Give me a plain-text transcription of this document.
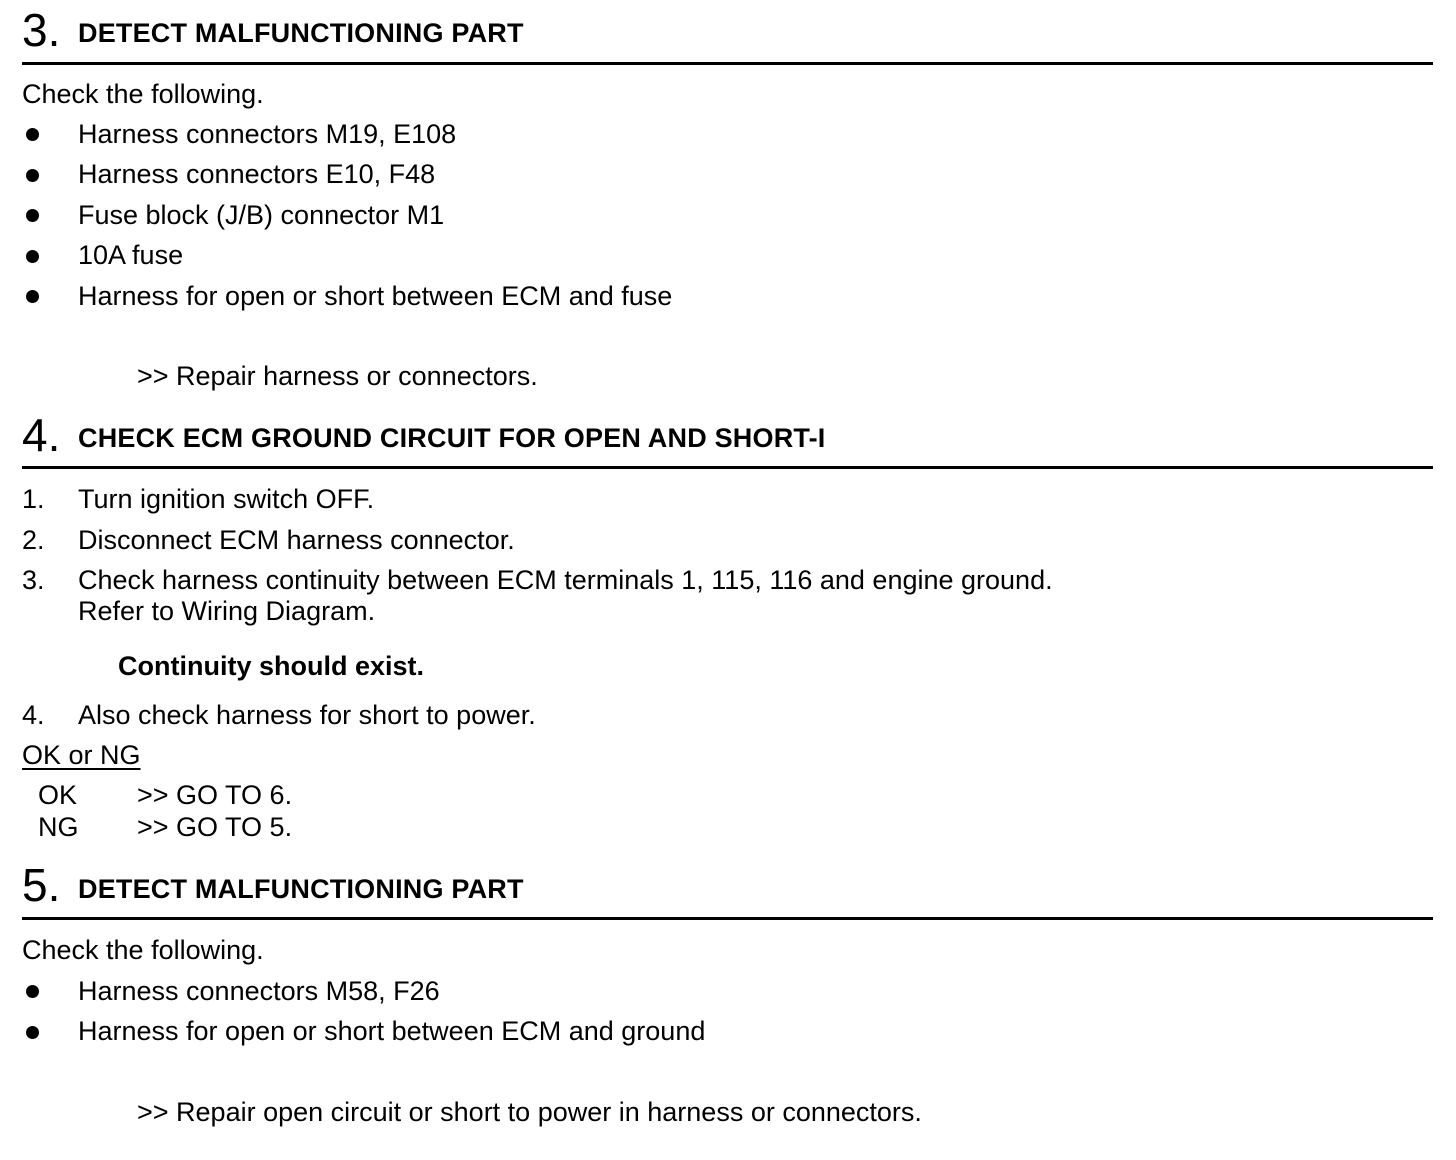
3. DETECT MALFUNCTIONING PART
Check the following.
Harness connectors M19, E108
Harness connectors E10, F48
Fuse block (J/B) connector M1
10A fuse
Harness for open or short between ECM and fuse
>> Repair harness or connectors.
4. CHECK ECM GROUND CIRCUIT FOR OPEN AND SHORT-I
1. Turn ignition switch OFF.
2. Disconnect ECM harness connector.
3. Check harness continuity between ECM terminals 1, 115, 116 and engine ground.
Refer to Wiring Diagram.
Continuity should exist.
4. Also check harness for short to power.
OK or NG
OK >> GO TO 6.
NG >> GO TO 5.
5. DETECT MALFUNCTIONING PART
Check the following.
Harness connectors M58, F26
Harness for open or short between ECM and ground
>> Repair open circuit or short to power in harness or connectors.
